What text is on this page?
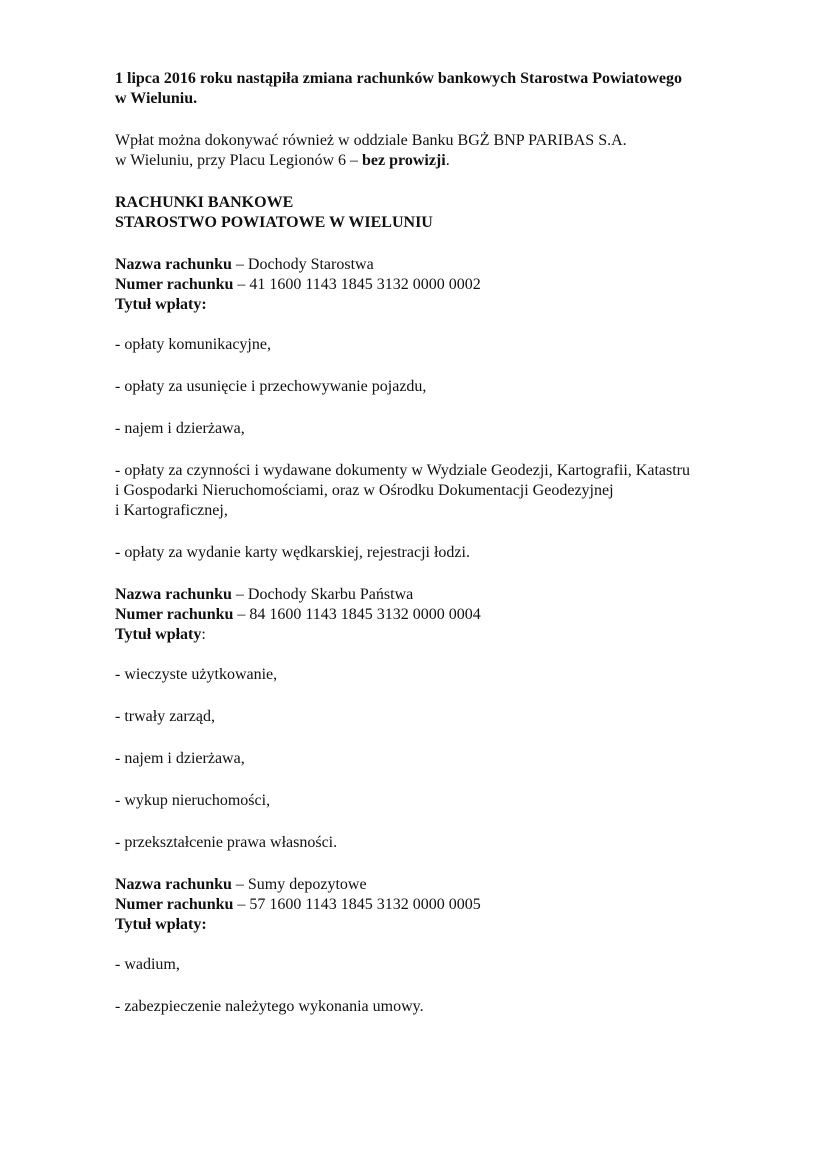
1 lipca 2016 roku nastąpiła zmiana rachunków bankowych Starostwa Powiatowego
w Wieluniu.
Wpłat można dokonywać również w oddziale Banku BGŻ BNP PARIBAS S.A.
w Wieluniu, przy Placu Legionów 6 – bez prowizji.
RACHUNKI BANKOWE
STAROSTWO POWIATOWE W WIELUNIU
Nazwa rachunku – Dochody Starostwa
Numer rachunku – 41 1600 1143 1845 3132 0000 0002
Tytuł wpłaty:

- opłaty komunikacyjne,

- opłaty za usunięcie i przechowywanie pojazdu,

- najem i dzierżawa,

- opłaty za czynności i wydawane dokumenty w Wydziale Geodezji, Kartografii, Katastru
i Gospodarki Nieruchomościami, oraz w Ośrodku Dokumentacji Geodezyjnej
i Kartograficznej,

- opłaty za wydanie karty wędkarskiej, rejestracji łodzi.

Nazwa rachunku – Dochody Skarbu Państwa
Numer rachunku – 84 1600 1143 1845 3132 0000 0004
Tytuł wpłaty:

- wieczyste użytkowanie,

- trwały zarząd,

- najem i dzierżawa,

- wykup nieruchomości,

- przekształcenie prawa własności.

Nazwa rachunku – Sumy depozytowe
Numer rachunku – 57 1600 1143 1845 3132 0000 0005
Tytuł wpłaty:

- wadium,

- zabezpieczenie należytego wykonania umowy.
